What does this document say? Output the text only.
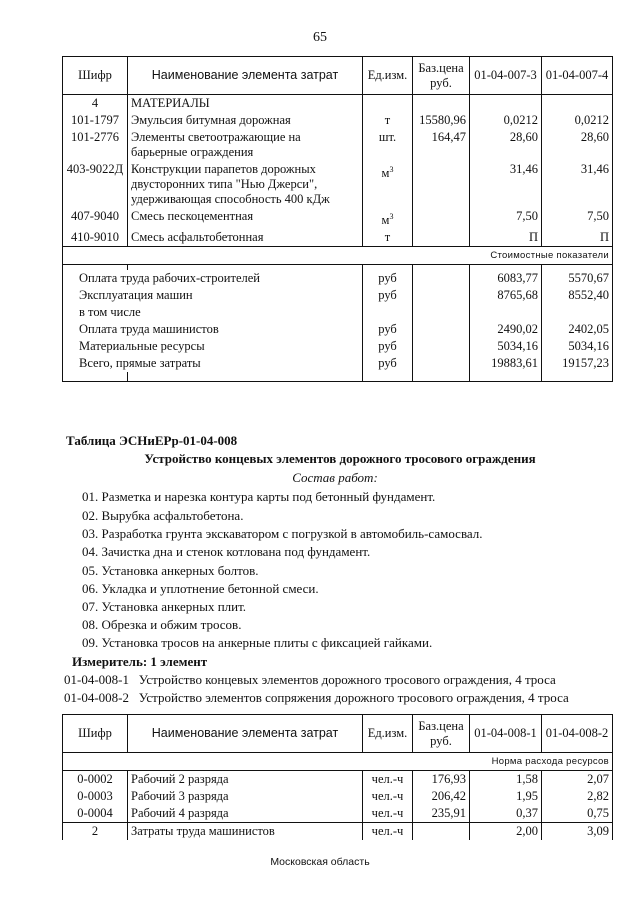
65
Шифр	Наименование элемента затрат	Ед.изм.	Баз.цена руб.	01-04-007-3	01-04-007-4
4	МАТЕРИАЛЫ				
101-1797	Эмульсия битумная дорожная	т	15580,96	0,0212	0,0212
101-2776	Элементы светоотражающие на барьерные ограждения	шт.	164,47	28,60	28,60
403-9022Д	Конструкции парапетов дорожных двусторонних типа "Нью Джерси", удерживающая способность 400 кДж	$м^3$		31,46	31,46
407-9040	Смесь пескоцементная	$м^3$		7,50	7,50
410-9010	Смесь асфальтобетонная	т		П	П
Стоимостные показатели					

Оплата труда рабочих-строителей		руб		6083,77	5570,67
Эксплуатация машин		руб		8765,68	8552,40
в том числе					
Оплата труда машинистов		руб		2490,02	2402,05
Материальные ресурсы		руб		5034,16	5034,16
Всего, прямые затраты		руб		19883,61	19157,23

Таблица ЭСНиЕРр-01-04-008
Устройство концевых элементов дорожного тросового ограждения
Состав работ:
01. Разметка и нарезка контура карты под бетонный фундамент.
02. Вырубка асфальтобетона.
03. Разработка грунта экскаватором с погрузкой в автомобиль-самосвал.
04. Зачистка дна и стенок котлована под фундамент.
05. Установка анкерных болтов.
06. Укладка и уплотнение бетонной смеси.
07. Установка анкерных плит.
08. Обрезка и обжим тросов.
09. Установка тросов на анкерные плиты с фиксацией гайками.
Измеритель: 1 элемент
01-04-008-1 Устройство концевых элементов дорожного тросового ограждения, 4 троса
01-04-008-2 Устройство элементов сопряжения дорожного тросового ограждения, 4 троса
Шифр	Наименование элемента затрат	Ед.изм.	Баз.цена руб.	01-04-008-1	01-04-008-2
Норма расхода ресурсов					
0-0002	Рабочий 2 разряда	чел.-ч	176,93	1,58	2,07
0-0003	Рабочий 3 разряда	чел.-ч	206,42	1,95	2,82
0-0004	Рабочий 4 разряда	чел.-ч	235,91	0,37	0,75
2	Затраты труда машинистов	чел.-ч		2,00	3,09
Московская область
